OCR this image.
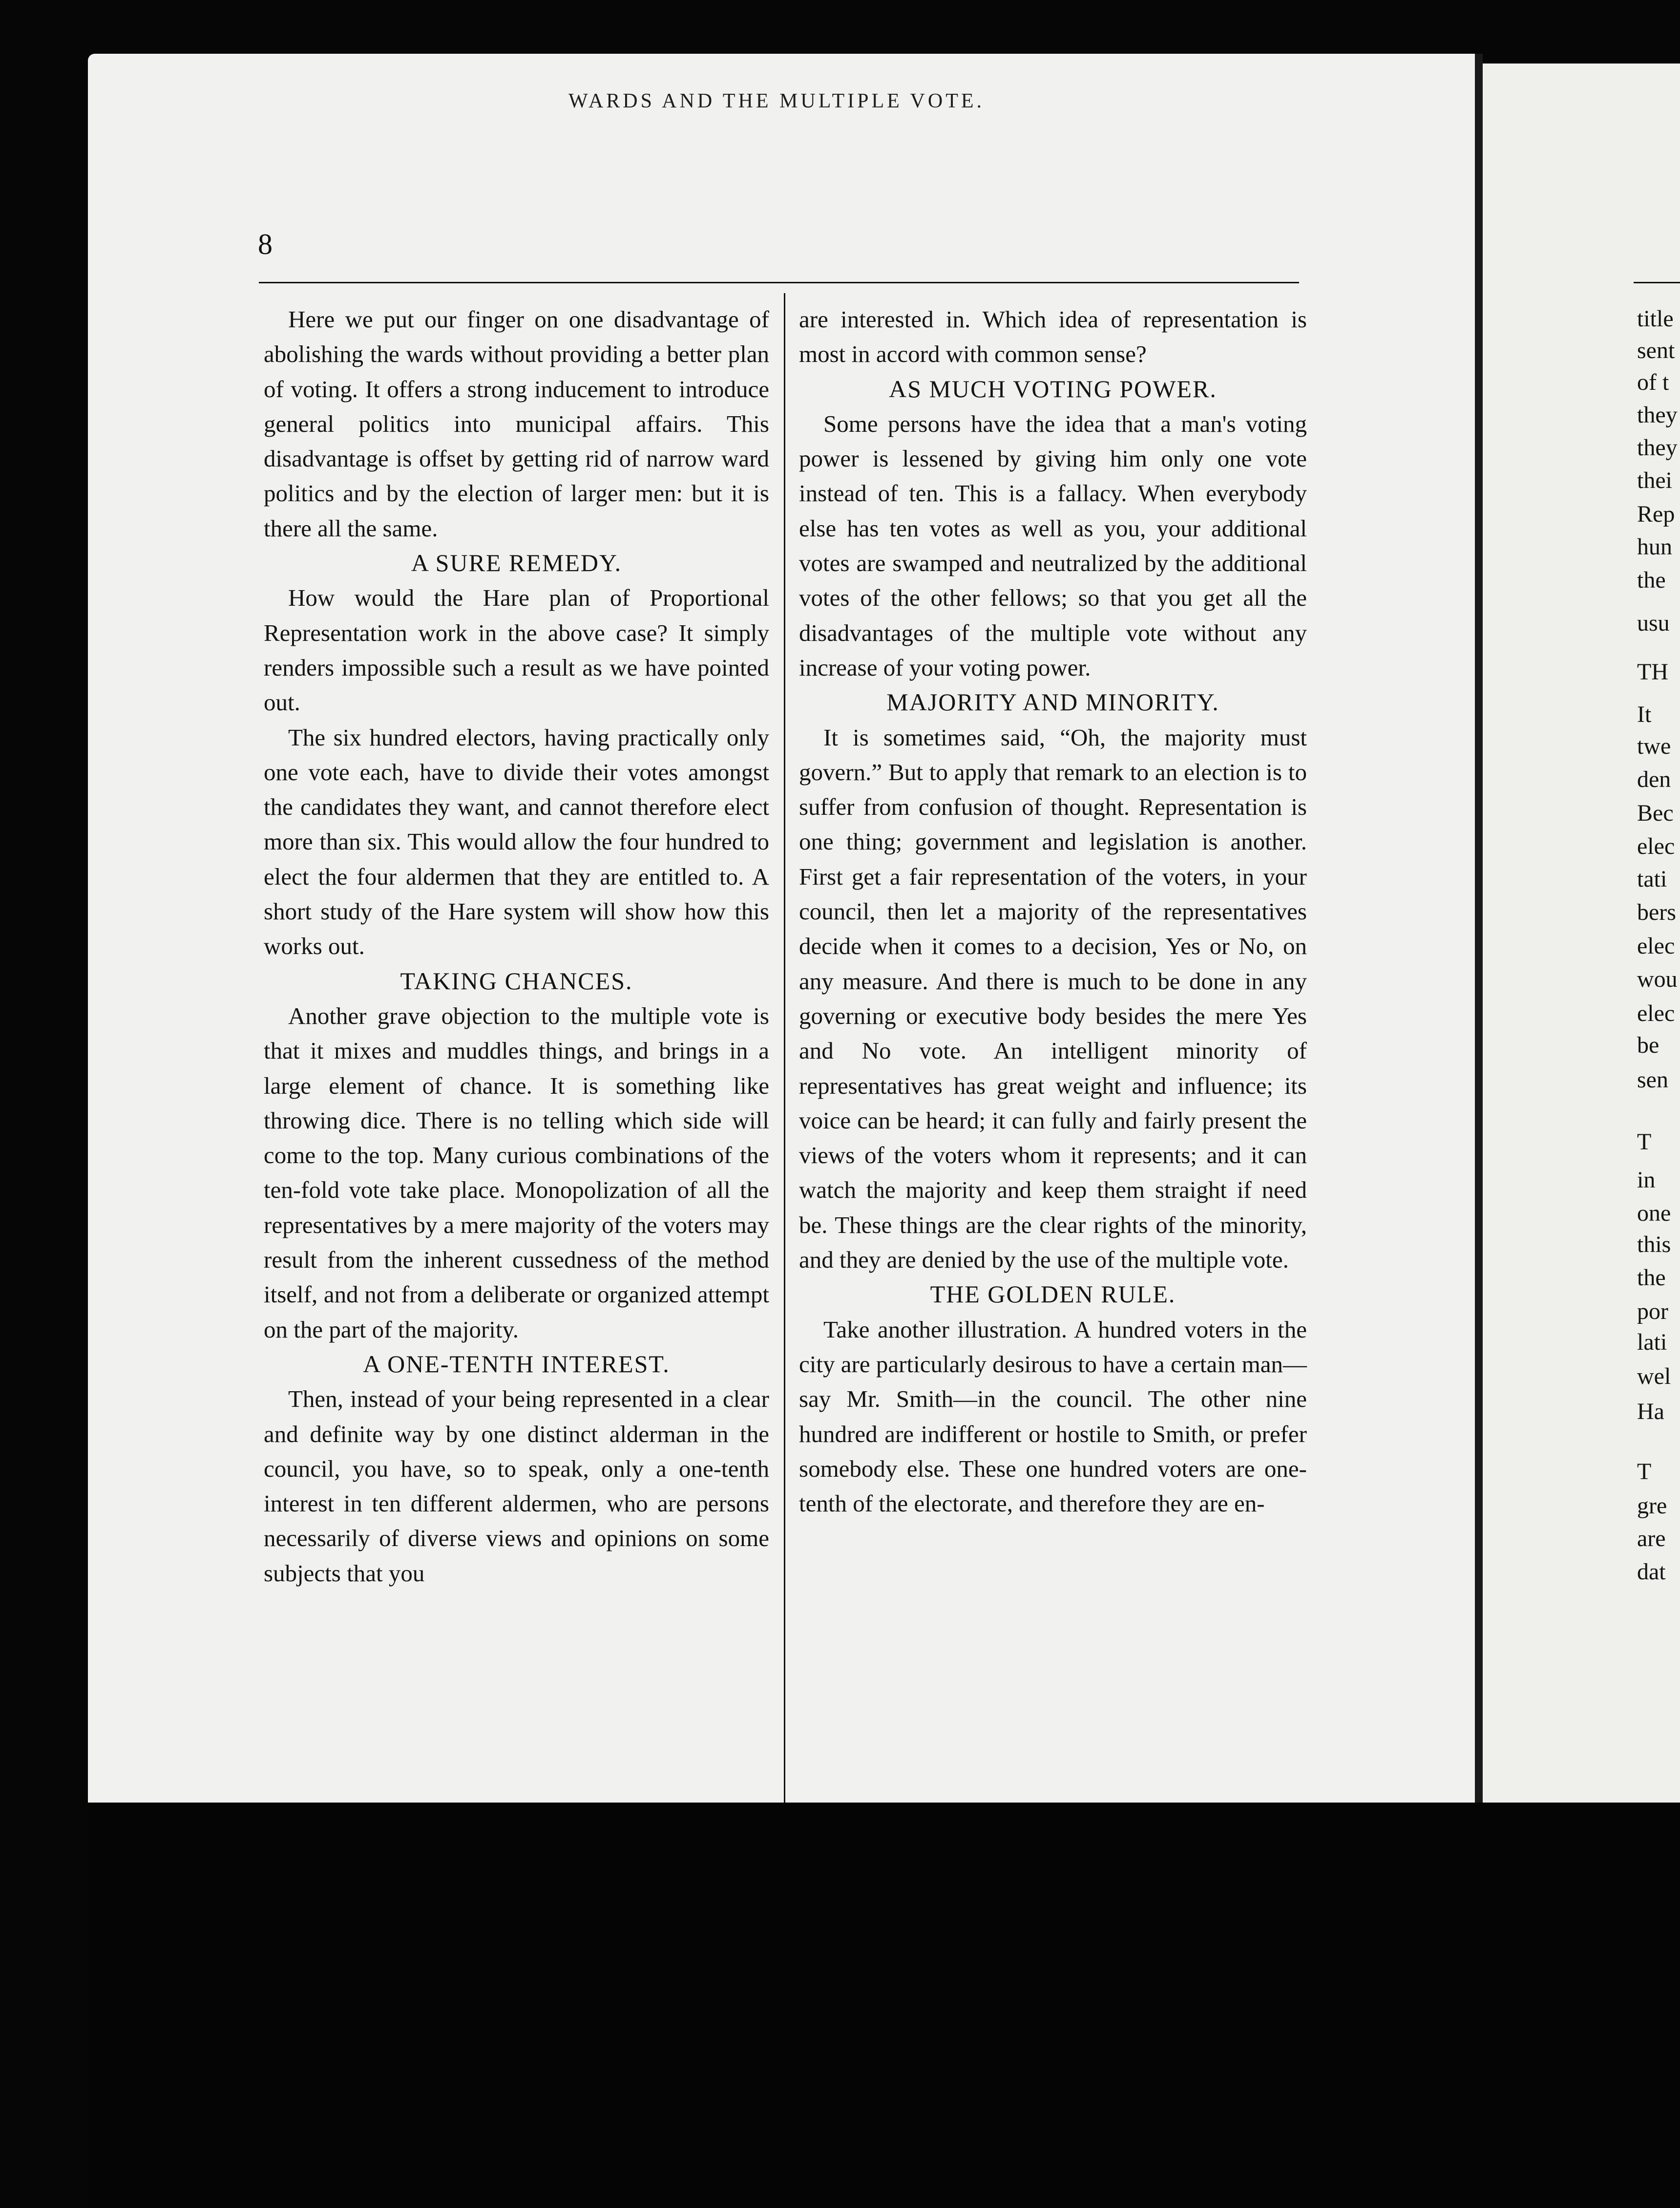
8
WARDS AND THE MULTIPLE VOTE.

Here we put our finger on one disadvantage of abolishing the wards without providing a better plan of voting. It offers a strong inducement to introduce general politics into municipal affairs. This disadvantage is offset by getting rid of narrow ward politics and by the election of larger men: but it is there all the same.

A SURE REMEDY.

How would the Hare plan of Proportional Representation work in the above case? It simply renders impossible such a result as we have pointed out.

The six hundred electors, having practically only one vote each, have to divide their votes amongst the candidates they want, and cannot therefore elect more than six. This would allow the four hundred to elect the four aldermen that they are entitled to. A short study of the Hare system will show how this works out.

TAKING CHANCES.

Another grave objection to the multiple vote is that it mixes and muddles things, and brings in a large element of chance. It is something like throwing dice. There is no telling which side will come to the top. Many curious combinations of the ten-fold vote take place. Monopolization of all the representatives by a mere majority of the voters may result from the inherent cussedness of the method itself, and not from a deliberate or organized attempt on the part of the majority.

A ONE-TENTH INTEREST.

Then, instead of your being represented in a clear and definite way by one distinct alderman in the council, you have, so to speak, only a one-tenth interest in ten different aldermen, who are persons necessarily of diverse views and opinions on some subjects that you

are interested in. Which idea of representation is most in accord with common sense?

AS MUCH VOTING POWER.

Some persons have the idea that a man's voting power is lessened by giving him only one vote instead of ten. This is a fallacy. When everybody else has ten votes as well as you, your additional votes are swamped and neutralized by the additional votes of the other fellows; so that you get all the disadvantages of the multiple vote without any increase of your voting power.

MAJORITY AND MINORITY.

It is sometimes said, “Oh, the majority must govern.” But to apply that remark to an election is to suffer from confusion of thought. Representation is one thing; government and legislation is another. First get a fair representation of the voters, in your council, then let a majority of the representatives decide when it comes to a decision, Yes or No, on any measure. And there is much to be done in any governing or executive body besides the mere Yes and No vote. An intelligent minority of representatives has great weight and influence; its voice can be heard; it can fully and fairly present the views of the voters whom it represents; and it can watch the majority and keep them straight if need be. These things are the clear rights of the minority, and they are denied by the use of the multiple vote.

THE GOLDEN RULE.

Take another illustration. A hundred voters in the city are particularly desirous to have a certain man—say Mr. Smith—in the council. The other nine hundred are indifferent or hostile to Smith, or prefer somebody else. These one hundred voters are one-tenth of the electorate, and therefore they are en-

title
sent
of t
they
they
thei
Rep
hun
the
usu
TH
It
twe
den
Bec
elec
tati
bers
elec
wou
elec
be
sen
T
in
one
this
the
por
lati
wel
Ha
T
gre
are
dat
